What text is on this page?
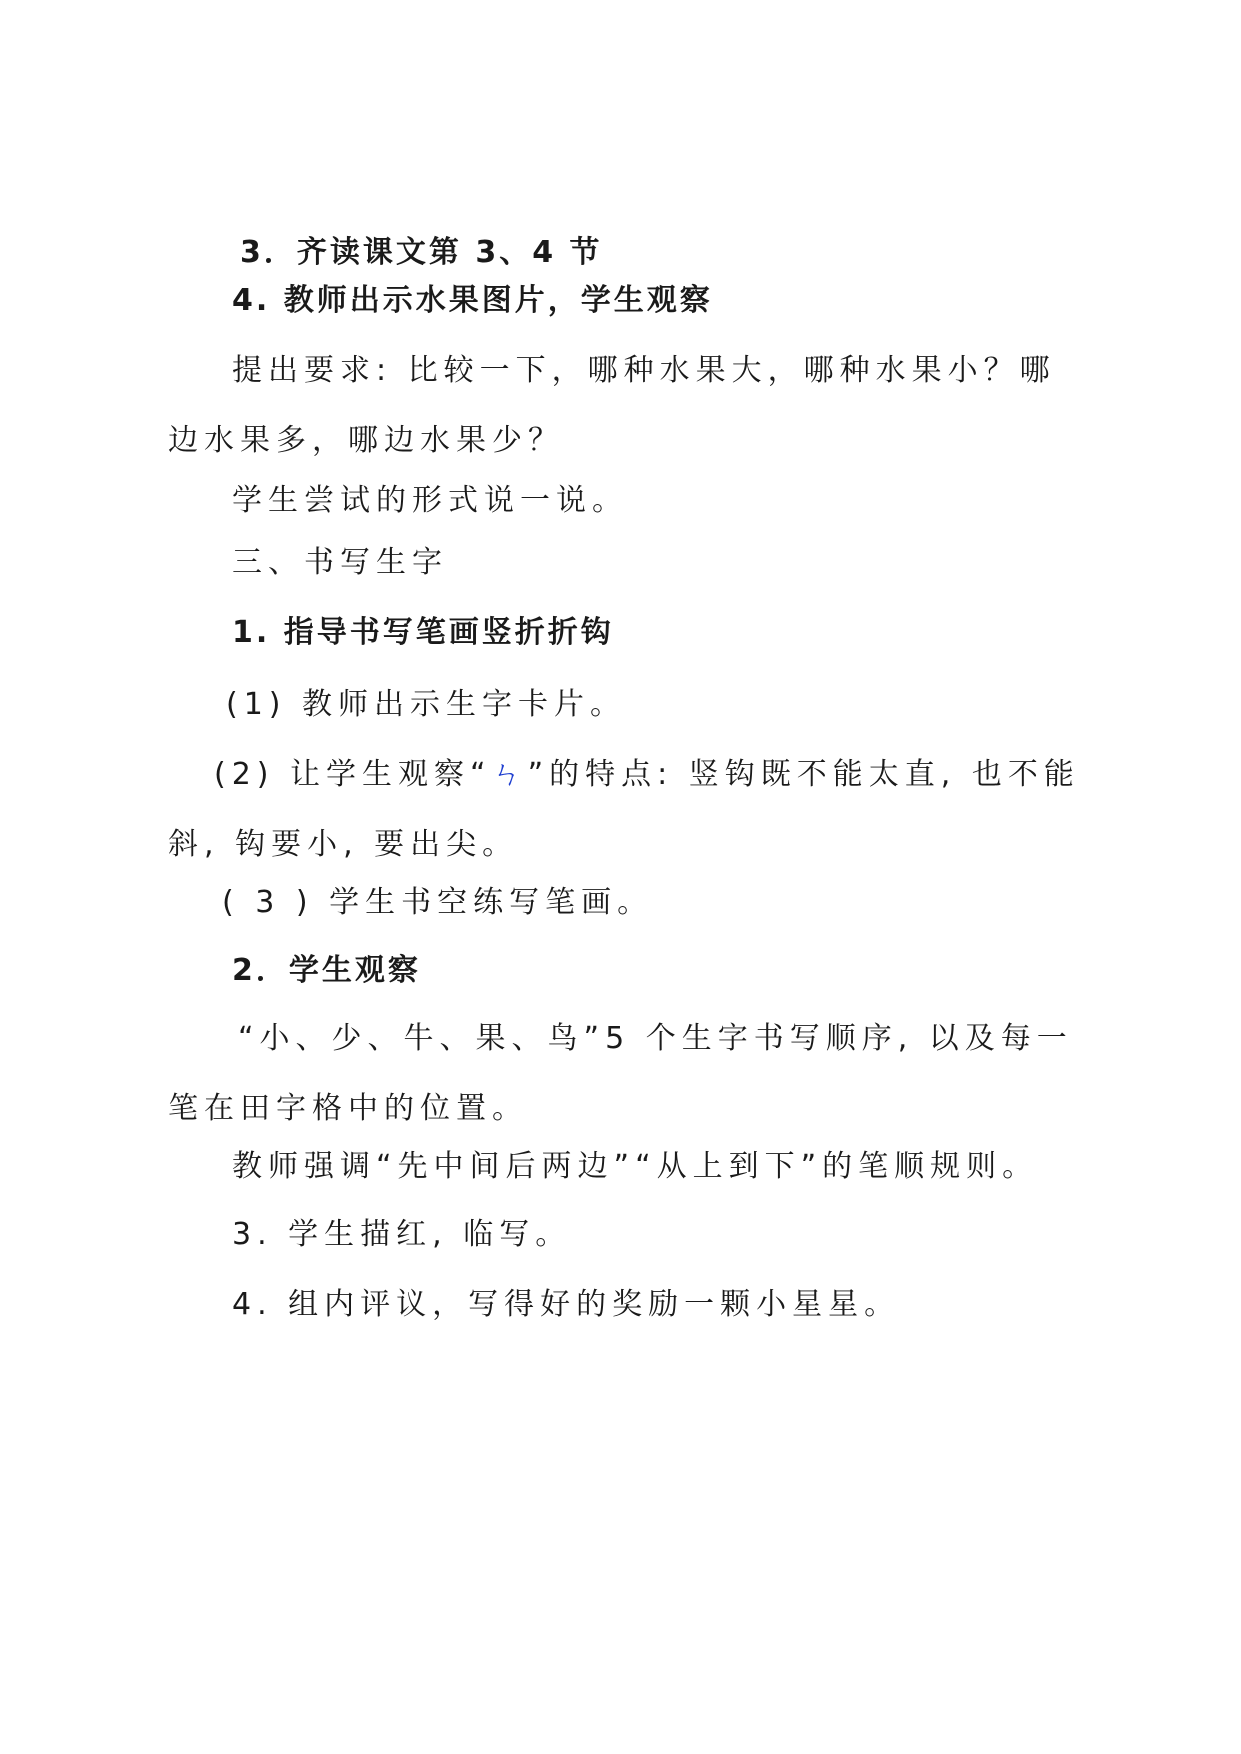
3．齐读课文第 3、4 节

4. 教师出示水果图片，学生观察

提出要求: 比较一下，哪种水果大，哪种水果小？哪边水果多，哪边水果少？

学生尝试的形式说一说。

三、书写生字

1. 指导书写笔画竖折折钩

(1) 教师出示生字卡片。

(2) 让学生观察“ㄣ”的特点: 竖钩既不能太直, 也不能斜, 钩要小, 要出尖。

( 3 ) 学生书空练写笔画。

2．学生观察

“小、少、牛、果、鸟”5 个生字书写顺序, 以及每一笔在田字格中的位置。

教师强调“先中间后两边”“从上到下”的笔顺规则。

3. 学生描红, 临写。

4. 组内评议，写得好的奖励一颗小星星。
